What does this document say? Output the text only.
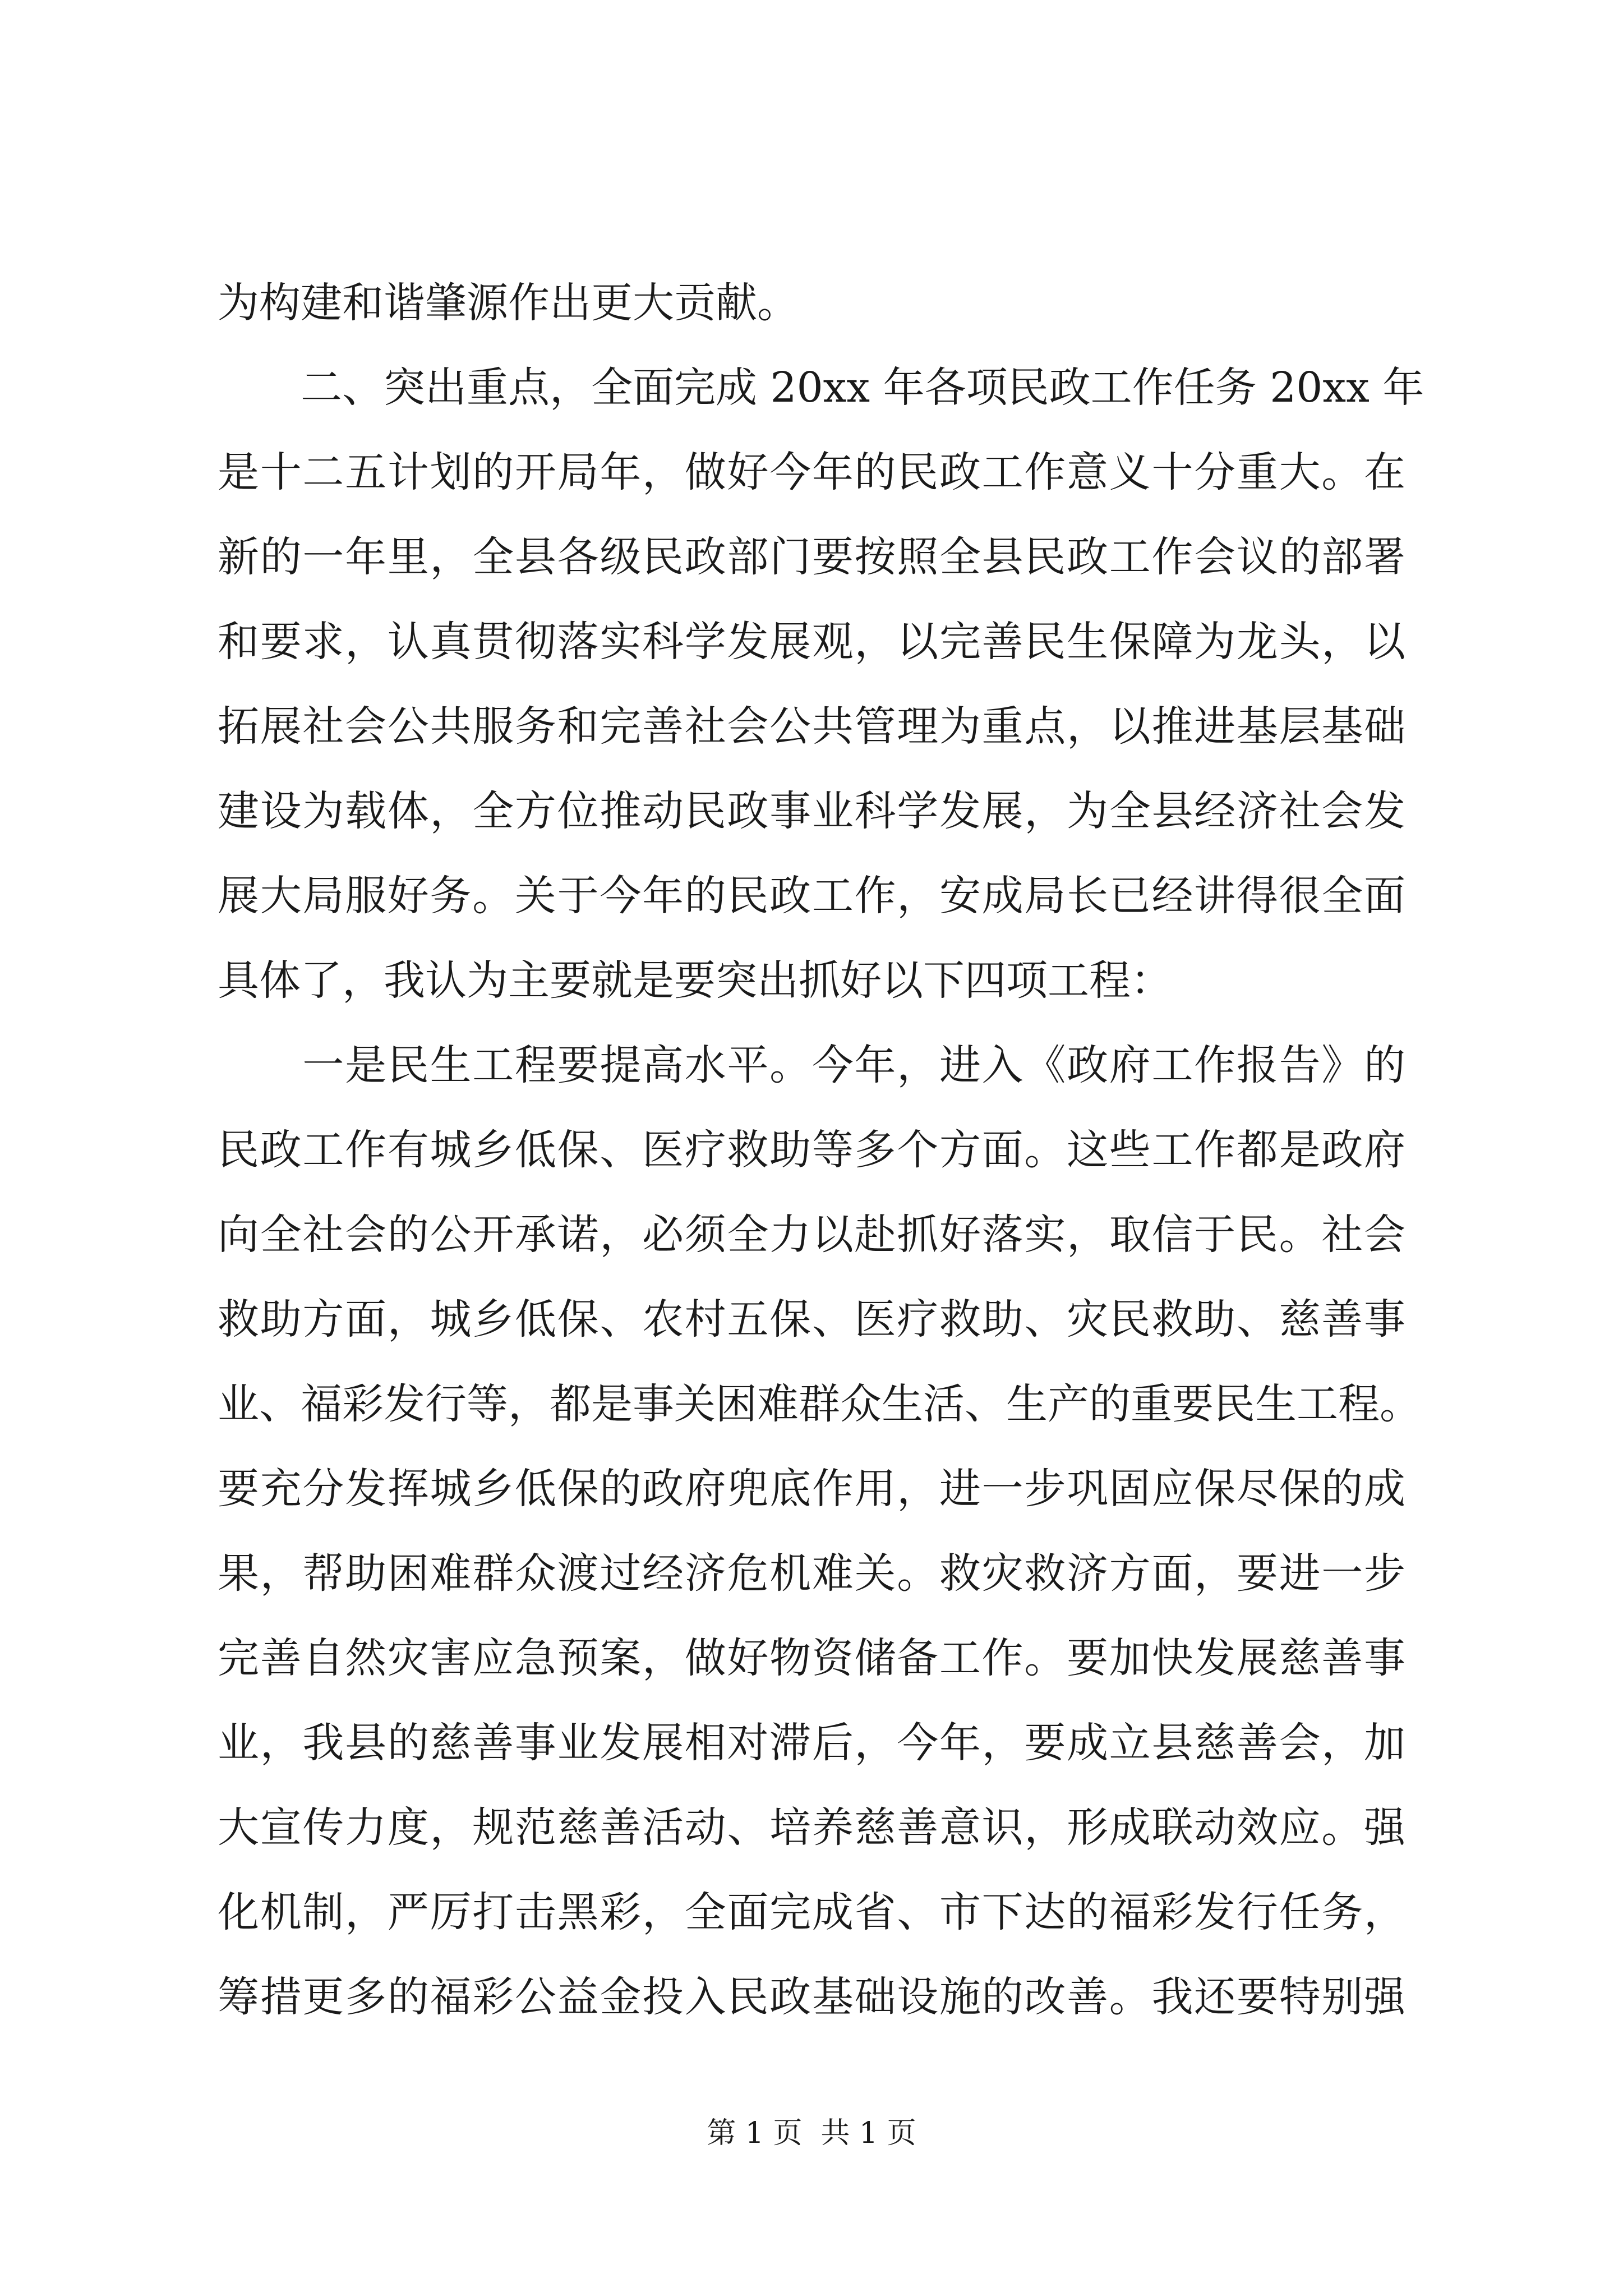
为构建和谐肇源作出更大贡献。
　　二、突出重点，全面完成 20xx 年各项民政工作任务 20xx 年
是十二五计划的开局年，做好今年的民政工作意义十分重大。在
新的一年里，全县各级民政部门要按照全县民政工作会议的部署
和要求，认真贯彻落实科学发展观，以完善民生保障为龙头，以
拓展社会公共服务和完善社会公共管理为重点，以推进基层基础
建设为载体，全方位推动民政事业科学发展，为全县经济社会发
展大局服好务。关于今年的民政工作，安成局长已经讲得很全面
具体了，我认为主要就是要突出抓好以下四项工程：
　　一是民生工程要提高水平。今年，进入《政府工作报告》的
民政工作有城乡低保、医疗救助等多个方面。这些工作都是政府
向全社会的公开承诺，必须全力以赴抓好落实，取信于民。社会
救助方面，城乡低保、农村五保、医疗救助、灾民救助、慈善事
业、福彩发行等，都是事关困难群众生活、生产的重要民生工程。
要充分发挥城乡低保的政府兜底作用，进一步巩固应保尽保的成
果，帮助困难群众渡过经济危机难关。救灾救济方面，要进一步
完善自然灾害应急预案，做好物资储备工作。要加快发展慈善事
业，我县的慈善事业发展相对滞后，今年，要成立县慈善会，加
大宣传力度，规范慈善活动、培养慈善意识，形成联动效应。强
化机制，严厉打击黑彩，全面完成省、市下达的福彩发行任务，
筹措更多的福彩公益金投入民政基础设施的改善。我还要特别强
第 1 页  共 1 页
